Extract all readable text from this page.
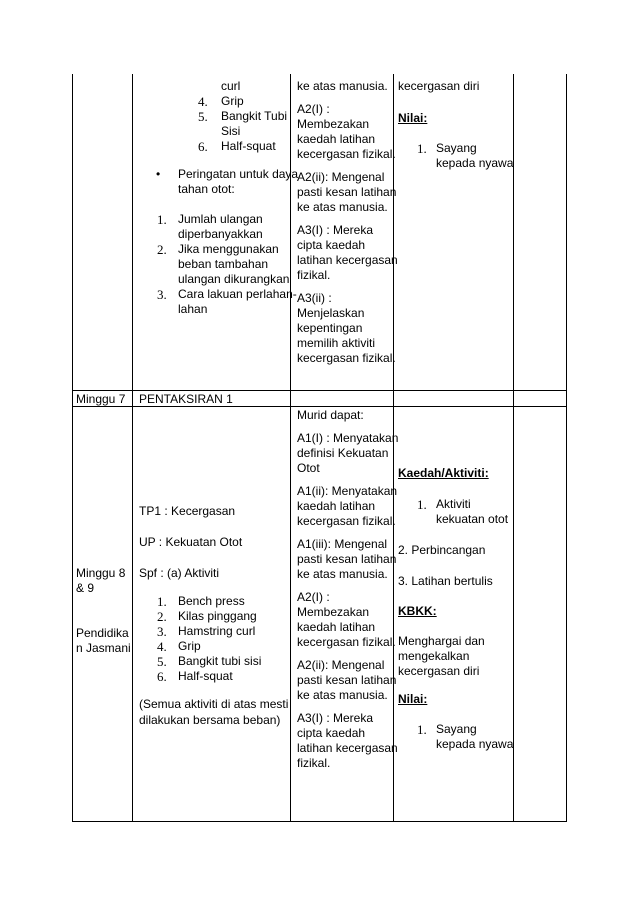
curl
4. Grip
5. Bangkit Tubi
Sisi
6. Half-squat
• Peringatan untuk daya
tahan otot:
1. Jumlah ulangan
diperbanyakkan
2. Jika menggunakan
beban tambahan
ulangan dikurangkan
3. Cara lakuan perlahan-
lahan
ke atas manusia.
A2(I) :
Membezakan
kaedah latihan
kecergasan fizikal.
A2(ii): Mengenal
pasti kesan latihan
ke atas manusia.
A3(I) : Mereka
cipta kaedah
latihan kecergasan
fizikal.
A3(ii) :
Menjelaskan
kepentingan
memilih aktiviti
kecergasan fizikal.
kecergasan diri
Nilai:
1. Sayang
kepada nyawa
Minggu 7 PENTAKSIRAN 1
Minggu 8
& 9
Pendidika
n Jasmani
TP1 : Kecergasan
UP : Kekuatan Otot
Spf : (a) Aktiviti
1. Bench press
2. Kilas pinggang
3. Hamstring curl
4. Grip
5. Bangkit tubi sisi
6. Half-squat
(Semua aktiviti di atas mesti
dilakukan bersama beban)
Murid dapat:
A1(I) : Menyatakan
definisi Kekuatan
Otot
A1(ii): Menyatakan
kaedah latihan
kecergasan fizikal.
A1(iii): Mengenal
pasti kesan latihan
ke atas manusia.
A2(I) :
Membezakan
kaedah latihan
kecergasan fizikal.
A2(ii): Mengenal
pasti kesan latihan
ke atas manusia.
A3(I) : Mereka
cipta kaedah
latihan kecergasan
fizikal.
Kaedah/Aktiviti:
1. Aktiviti
kekuatan otot
2. Perbincangan
3. Latihan bertulis
KBKK:
Menghargai dan
mengekalkan
kecergasan diri
Nilai:
1. Sayang
kepada nyawa
